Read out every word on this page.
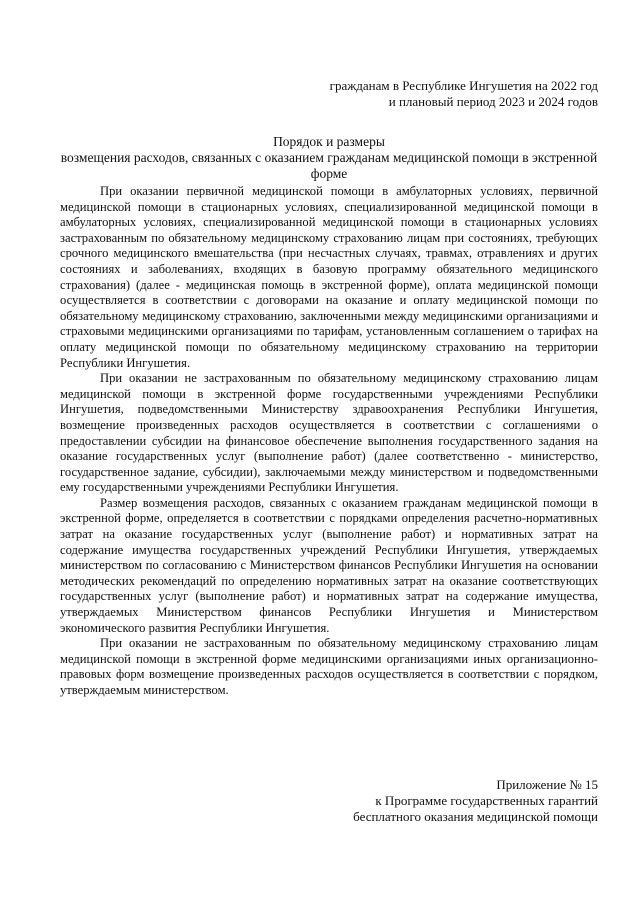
гражданам в Республике Ингушетия на 2022 год
и плановый период 2023 и 2024 годов
Порядок и размеры
возмещения расходов, связанных с оказанием гражданам медицинской помощи в экстренной
форме

При оказании первичной медицинской помощи в амбулаторных условиях, первичной медицинской помощи в стационарных условиях, специализированной медицинской помощи в амбулаторных условиях, специализированной медицинской помощи в стационарных условиях застрахованным по обязательному медицинскому страхованию лицам при состояниях, требующих срочного медицинского вмешательства (при несчастных случаях, травмах, отравлениях и других состояниях и заболеваниях, входящих в базовую программу обязательного медицинского страхования) (далее - медицинская помощь в экстренной форме), оплата медицинской помощи осуществляется в соответствии с договорами на оказание и оплату медицинской помощи по обязательному медицинскому страхованию, заключенными между медицинскими организациями и страховыми медицинскими организациями по тарифам, установленным соглашением о тарифах на оплату медицинской помощи по обязательному медицинскому страхованию на территории Республики Ингушетия.

При оказании не застрахованным по обязательному медицинскому страхованию лицам медицинской помощи в экстренной форме государственными учреждениями Республики Ингушетия, подведомственными Министерству здравоохранения Республики Ингушетия, возмещение произведенных расходов осуществляется в соответствии с соглашениями о предоставлении субсидии на финансовое обеспечение выполнения государственного задания на оказание государственных услуг (выполнение работ) (далее соответственно - министерство, государственное задание, субсидии), заключаемыми между министерством и подведомственными ему государственными учреждениями Республики Ингушетия.

Размер возмещения расходов, связанных с оказанием гражданам медицинской помощи в экстренной форме, определяется в соответствии с порядками определения расчетно-нормативных затрат на оказание государственных услуг (выполнение работ) и нормативных затрат на содержание имущества государственных учреждений Республики Ингушетия, утверждаемых министерством по согласованию с Министерством финансов Республики Ингушетия на основании методических рекомендаций по определению нормативных затрат на оказание соответствующих государственных услуг (выполнение работ) и нормативных затрат на содержание имущества, утверждаемых Министерством финансов Республики Ингушетия и Министерством экономического развития Республики Ингушетия.

При оказании не застрахованным по обязательному медицинскому страхованию лицам медицинской помощи в экстренной форме медицинскими организациями иных организационно-правовых форм возмещение произведенных расходов осуществляется в соответствии с порядком, утверждаемым министерством.

Приложение № 15
к Программе государственных гарантий
бесплатного оказания медицинской помощи
